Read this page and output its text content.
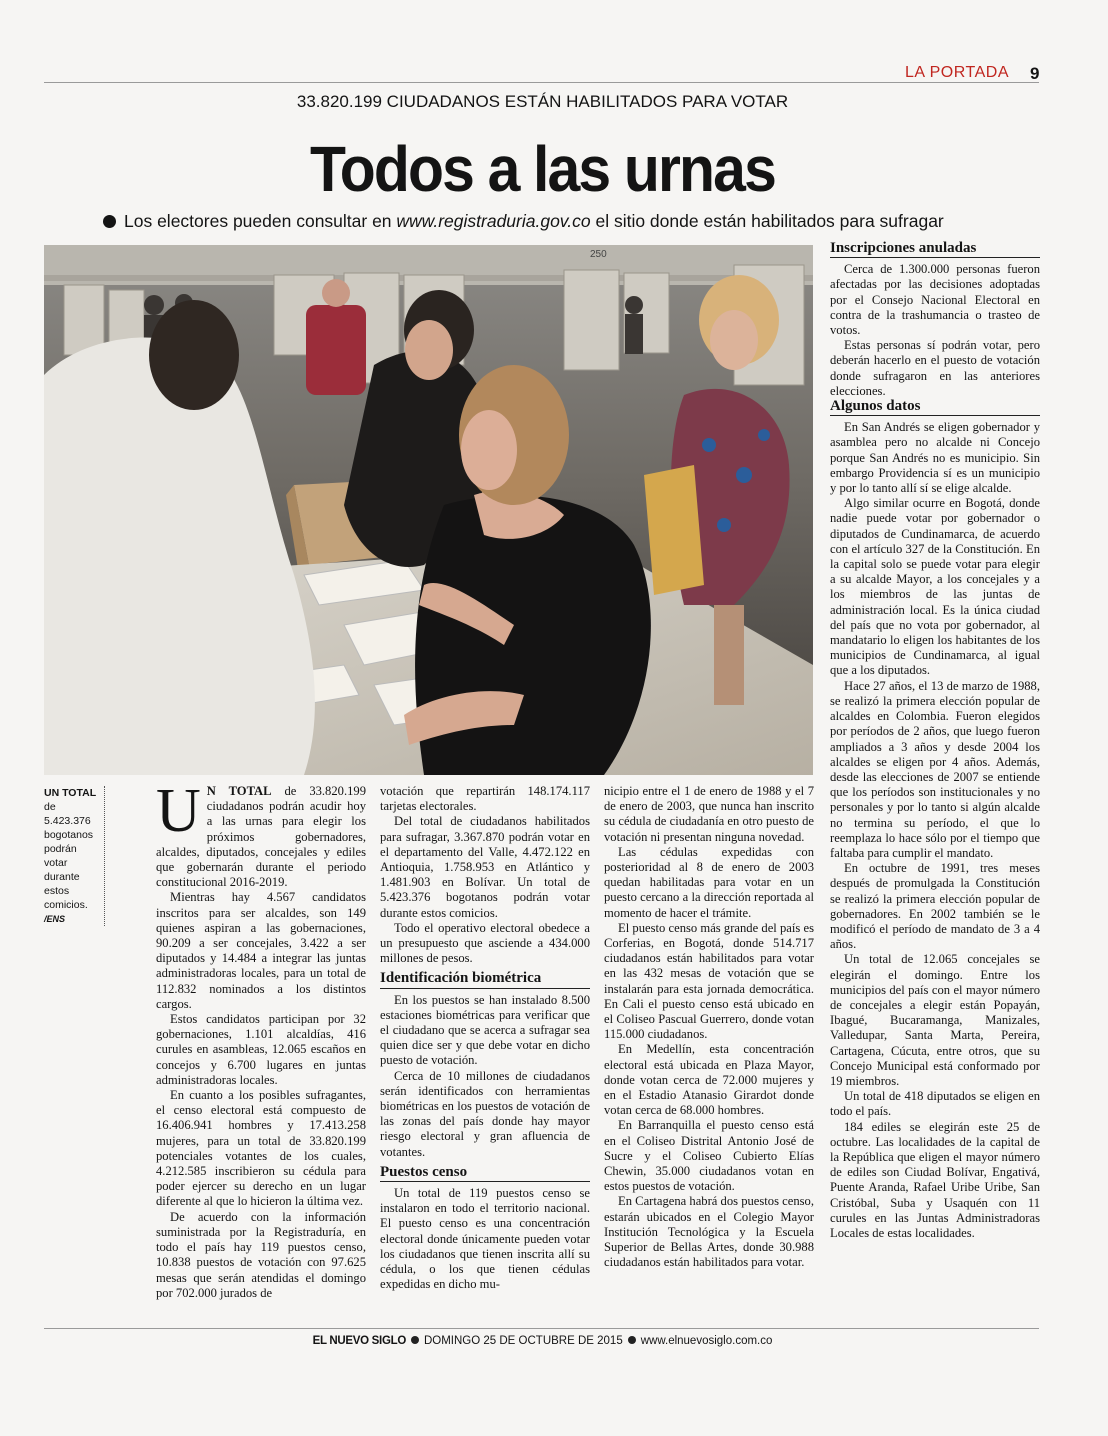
LA PORTADA 9
33.820.199 CIUDADANOS ESTÁN HABILITADOS PARA VOTAR
Todos a las urnas
Los electores pueden consultar en www.registraduria.gov.co el sitio donde están habilitados para sufragar
250
UN TOTAL de 5.423.376 bogotanos podrán votar durante estos comicios.
/ENS

U N TOTAL de 33.820.199 ciudadanos podrán acudir hoy a las urnas para elegir los próximos gobernadores, alcaldes, diputados, concejales y ediles que gobernarán durante el periodo constitucional 2016-2019.

Mientras hay 4.567 candidatos inscritos para ser alcaldes, son 149 quienes aspiran a las gobernaciones, 90.209 a ser concejales, 3.422 a ser diputados y 14.484 a integrar las juntas administradoras locales, para un total de 112.832 nominados a los distintos cargos.

Estos candidatos participan por 32 gobernaciones, 1.101 alcaldías, 416 curules en asambleas, 12.065 escaños en concejos y 6.700 lugares en juntas administradoras locales.

En cuanto a los posibles sufragantes, el censo electoral está compuesto de 16.406.941 hombres y 17.413.258 mujeres, para un total de 33.820.199 potenciales votantes de los cuales, 4.212.585 inscribieron su cédula para poder ejercer su derecho en un lugar diferente al que lo hicieron la última vez.

De acuerdo con la información suministrada por la Registraduría, en todo el país hay 119 puestos censo, 10.838 puestos de votación con 97.625 mesas que serán atendidas el domingo por 702.000 jurados de

votación que repartirán 148.174.117 tarjetas electorales.

Del total de ciudadanos habilitados para sufragar, 3.367.870 podrán votar en el departamento del Valle, 4.472.122 en Antioquia, 1.758.953 en Atlántico y 1.481.903 en Bolívar. Un total de 5.423.376 bogotanos podrán votar durante estos comicios.

Todo el operativo electoral obedece a un presupuesto que asciende a 434.000 millones de pesos.

Identificación biométrica

En los puestos se han instalado 8.500 estaciones biométricas para verificar que el ciudadano que se acerca a sufragar sea quien dice ser y que debe votar en dicho puesto de votación.

Cerca de 10 millones de ciudadanos serán identificados con herramientas biométricas en los puestos de votación de las zonas del país donde hay mayor riesgo electoral y gran afluencia de votantes.

Puestos censo

Un total de 119 puestos censo se instalaron en todo el territorio nacional. El puesto censo es una concentración electoral donde únicamente pueden votar los ciudadanos que tienen inscrita allí su cédula, o los que tienen cédulas expedidas en dicho mu-

nicipio entre el 1 de enero de 1988 y el 7 de enero de 2003, que nunca han inscrito su cédula de ciudadanía en otro puesto de votación ni presentan ninguna novedad.

Las cédulas expedidas con posterioridad al 8 de enero de 2003 quedan habilitadas para votar en un puesto cercano a la dirección reportada al momento de hacer el trámite.

El puesto censo más grande del país es Corferias, en Bogotá, donde 514.717 ciudadanos están habilitados para votar en las 432 mesas de votación que se instalarán para esta jornada democrática. En Cali el puesto censo está ubicado en el Coliseo Pascual Guerrero, donde votan 115.000 ciudadanos.

En Medellín, esta concentración electoral está ubicada en Plaza Mayor, donde votan cerca de 72.000 mujeres y en el Estadio Atanasio Girardot donde votan cerca de 68.000 hombres.

En Barranquilla el puesto censo está en el Coliseo Distrital Antonio José de Sucre y el Coliseo Cubierto Elías Chewin, 35.000 ciudadanos votan en estos puestos de votación.

En Cartagena habrá dos puestos censo, estarán ubicados en el Colegio Mayor Institución Tecnológica y la Escuela Superior de Bellas Artes, donde 30.988 ciudadanos están habilitados para votar.

Inscripciones anuladas

Cerca de 1.300.000 personas fueron afectadas por las decisiones adoptadas por el Consejo Nacional Electoral en contra de la trashumancia o trasteo de votos.

Estas personas sí podrán votar, pero deberán hacerlo en el puesto de votación donde sufragaron en las anteriores elecciones.

Algunos datos

En San Andrés se eligen gobernador y asamblea pero no alcalde ni Concejo porque San Andrés no es municipio. Sin embargo Providencia sí es un municipio y por lo tanto allí sí se elige alcalde.

Algo similar ocurre en Bogotá, donde nadie puede votar por gobernador o diputados de Cundinamarca, de acuerdo con el artículo 327 de la Constitución. En la capital solo se puede votar para elegir a su alcalde Mayor, a los concejales y a los miembros de las juntas de administración local. Es la única ciudad del país que no vota por gobernador, al mandatario lo eligen los habitantes de los municipios de Cundinamarca, al igual que a los diputados.

Hace 27 años, el 13 de marzo de 1988, se realizó la primera elección popular de alcaldes en Colombia. Fueron elegidos por períodos de 2 años, que luego fueron ampliados a 3 años y desde 2004 los alcaldes se eligen por 4 años. Además, desde las elecciones de 2007 se entiende que los períodos son institucionales y no personales y por lo tanto si algún alcalde no termina su período, el que lo reemplaza lo hace sólo por el tiempo que faltaba para cumplir el mandato.

En octubre de 1991, tres meses después de promulgada la Constitución se realizó la primera elección popular de gobernadores. En 2002 también se le modificó el período de mandato de 3 a 4 años.

Un total de 12.065 concejales se elegirán el domingo. Entre los municipios del país con el mayor número de concejales a elegir están Popayán, Ibagué, Bucaramanga, Manizales, Valledupar, Santa Marta, Pereira, Cartagena, Cúcuta, entre otros, que su Concejo Municipal está conformado por 19 miembros.

Un total de 418 diputados se eligen en todo el país.

184 ediles se elegirán este 25 de octubre. Las localidades de la capital de la República que eligen el mayor número de ediles son Ciudad Bolívar, Engativá, Puente Aranda, Rafael Uribe Uribe, San Cristóbal, Suba y Usaquén con 11 curules en las Juntas Administradoras Locales de estas localidades.

EL NUEVO SIGLO DOMINGO 25 DE OCTUBRE DE 2015 www.elnuevosiglo.com.co
